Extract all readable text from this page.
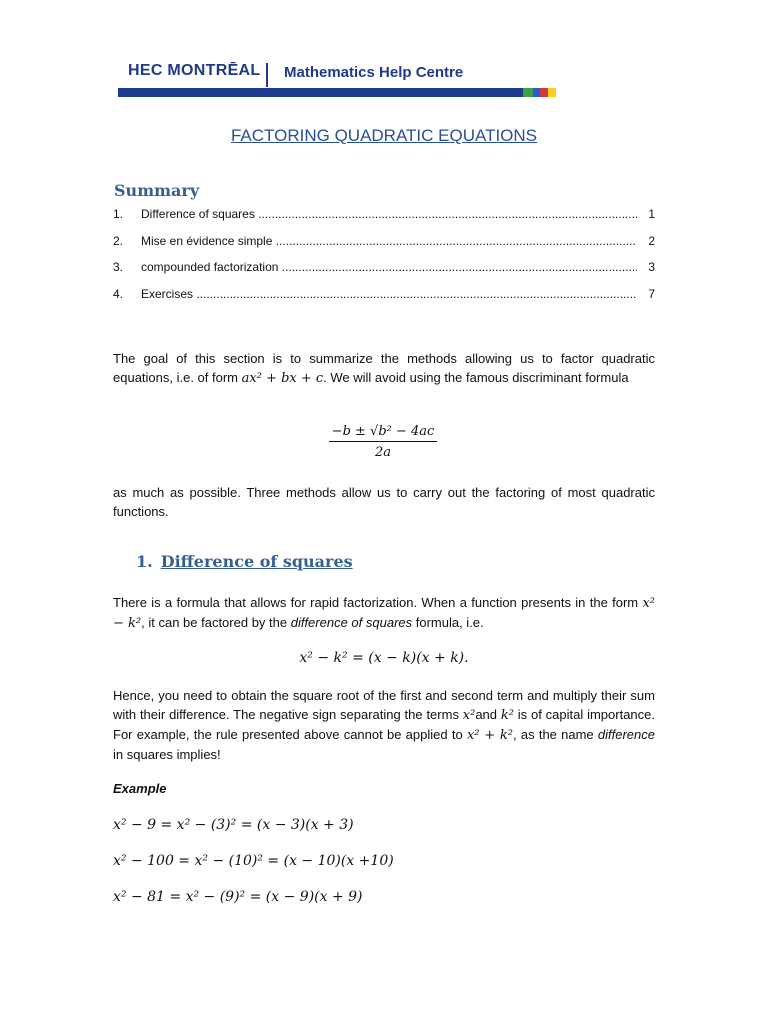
HEC MONTRĒAL Mathematics Help Centre
FACTORING QUADRATIC EQUATIONS
Summary
1. Difference of squares .....	1
2. Mise en évidence simple .....	2
3. compounded factorization .....	3
4. Exercises .....	7
The goal of this section is to summarize the methods allowing us to factor quadratic equations, i.e. of form ax² + bx + c. We will avoid using the famous discriminant formula
$\frac{\text{−b ± √b² − 4ac}}{2a}$
as much as possible. Three methods allow us to carry out the factoring of most quadratic functions.
1. Difference of squares
There is a formula that allows for rapid factorization. When a function presents in the form x² − k², it can be factored by the difference of squares formula, i.e.
x² − k² = (x − k)(x + k).
Hence, you need to obtain the square root of the first and second term and multiply their sum with their difference. The negative sign separating the terms x²and k² is of capital importance. For example, the rule presented above cannot be applied to x² + k², as the name difference in squares implies!
Example
x² − 9 = x² − (3)² = (x − 3)(x + 3)
x² − 100 = x² − (10)² = (x − 10)(x +10)
x² − 81 = x² − (9)² = (x − 9)(x + 9)
